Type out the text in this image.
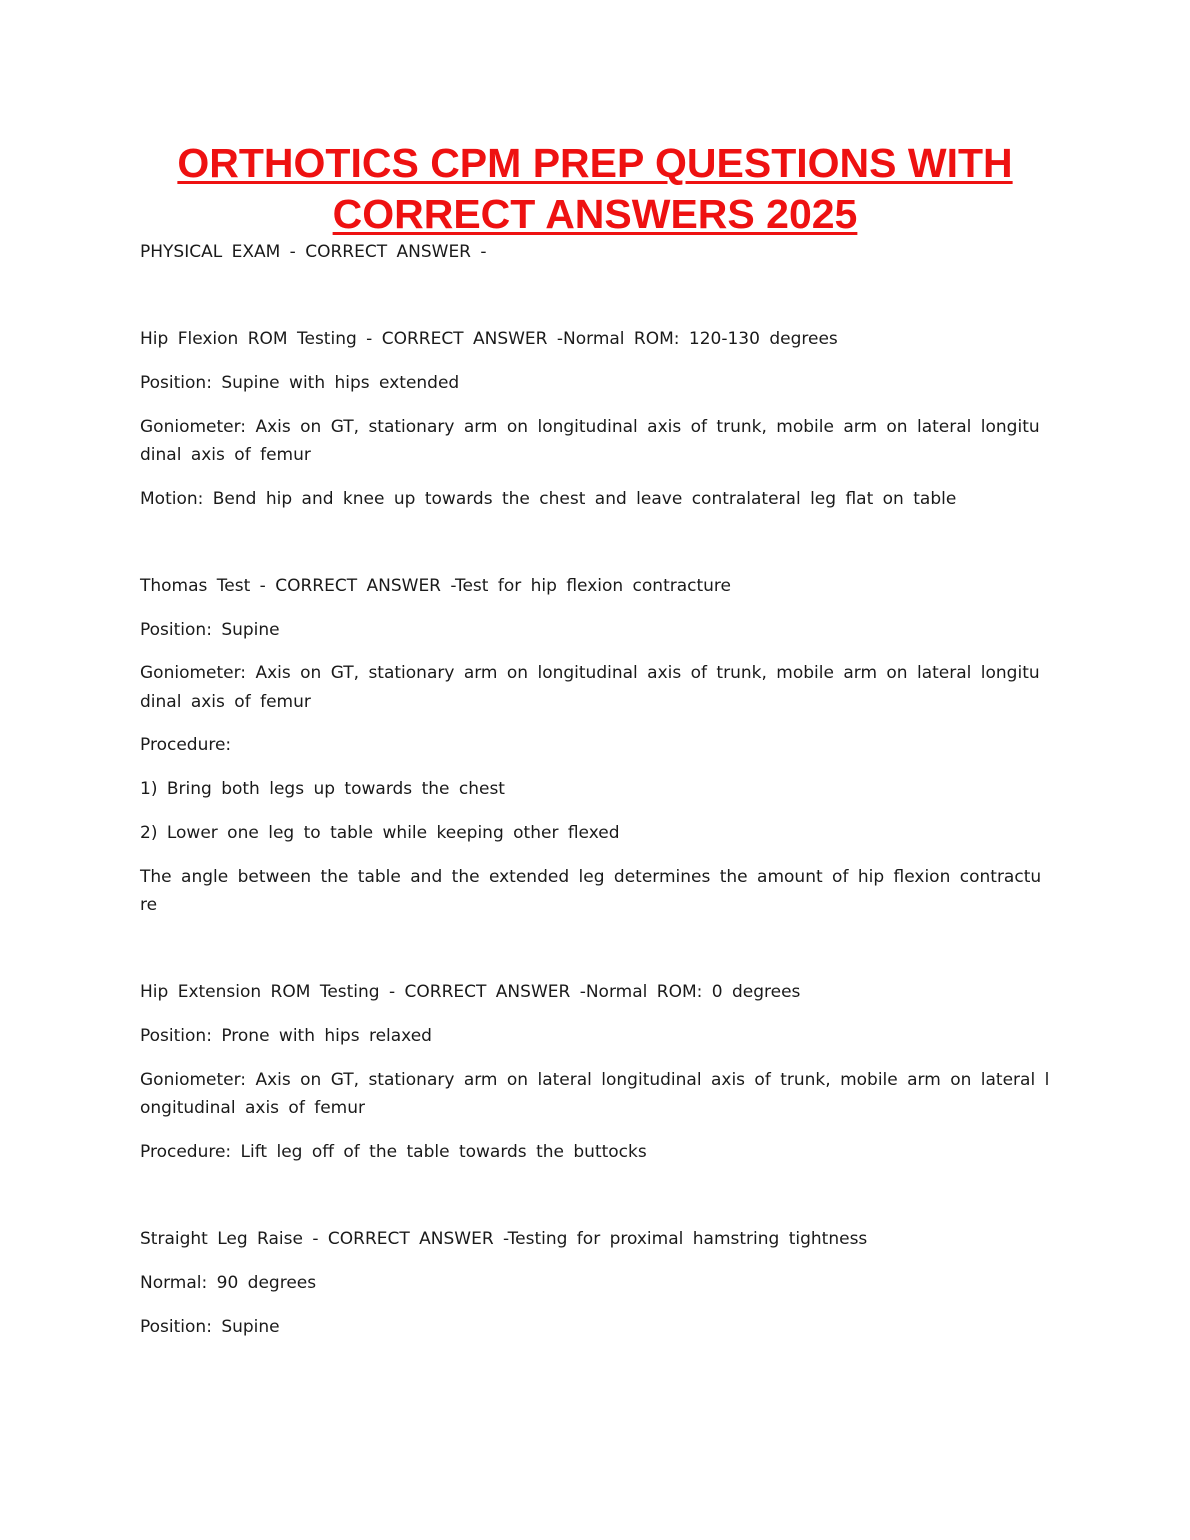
ORTHOTICS CPM PREP QUESTIONS WITH
CORRECT ANSWERS 2025

PHYSICAL EXAM - CORRECT ANSWER -

Hip Flexion ROM Testing - CORRECT ANSWER -Normal ROM: 120-130 degrees

Position: Supine with hips extended

Goniometer: Axis on GT, stationary arm on longitudinal axis of trunk, mobile arm on lateral longitu

dinal axis of femur

Motion: Bend hip and knee up towards the chest and leave contralateral leg flat on table

Thomas Test - CORRECT ANSWER -Test for hip flexion contracture

Position: Supine

Goniometer: Axis on GT, stationary arm on longitudinal axis of trunk, mobile arm on lateral longitu

dinal axis of femur

Procedure:

1) Bring both legs up towards the chest

2) Lower one leg to table while keeping other flexed

The angle between the table and the extended leg determines the amount of hip flexion contractu

re

Hip Extension ROM Testing - CORRECT ANSWER -Normal ROM: 0 degrees

Position: Prone with hips relaxed

Goniometer: Axis on GT, stationary arm on lateral longitudinal axis of trunk, mobile arm on lateral l

ongitudinal axis of femur

Procedure: Lift leg off of the table towards the buttocks

Straight Leg Raise - CORRECT ANSWER -Testing for proximal hamstring tightness

Normal: 90 degrees

Position: Supine
